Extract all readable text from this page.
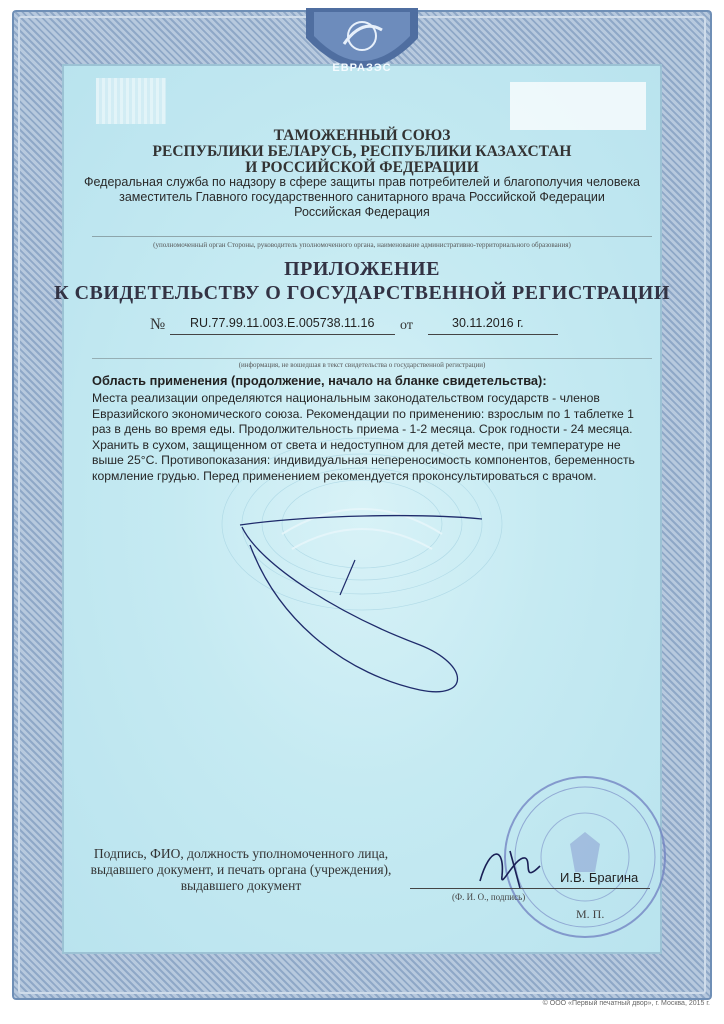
ЕВРАЗЭС
ТАМОЖЕННЫЙ СОЮЗ
РЕСПУБЛИКИ БЕЛАРУСЬ, РЕСПУБЛИКИ КАЗАХСТАН
И РОССИЙСКОЙ ФЕДЕРАЦИИ
Федеральная служба по надзору в сфере защиты прав потребителей и благополучия человека
заместитель Главного государственного санитарного врача Российской Федерации
Российская Федерация
(уполномоченный орган Стороны, руководитель уполномоченного органа, наименование административно-территориального образования)
ПРИЛОЖЕНИЕ
К СВИДЕТЕЛЬСТВУ О ГОСУДАРСТВЕННОЙ РЕГИСТРАЦИИ
№ RU.77.99.11.003.E.005738.11.16 от	30.11.2016 г.
(информация, не вошедшая в текст свидетельства о государственной регистрации)
Область применения (продолжение, начало на бланке свидетельства):
Места реализации определяются национальным законодательством государств - членов Евразийского экономического союза. Рекомендации по применению: взрослым по 1 таблетке 1 раз в день во время еды. Продолжительность приема - 1-2 месяца. Срок годности - 24 месяца. Хранить в сухом, защищенном от света и недоступном для детей месте, при температуре не выше 25°С. Противопоказания: индивидуальная непереносимость компонентов, беременность кормление грудью. Перед применением рекомендуется проконсультироваться с врачом.
Подпись, ФИО, должность уполномоченного лица, выдавшего документ, и печать органа (учреждения), выдавшего документ
И.В. Брагина
(Ф. И. О., подпись)
М. П.
© ООО «Первый печатный двор», г. Москва, 2015 г.
